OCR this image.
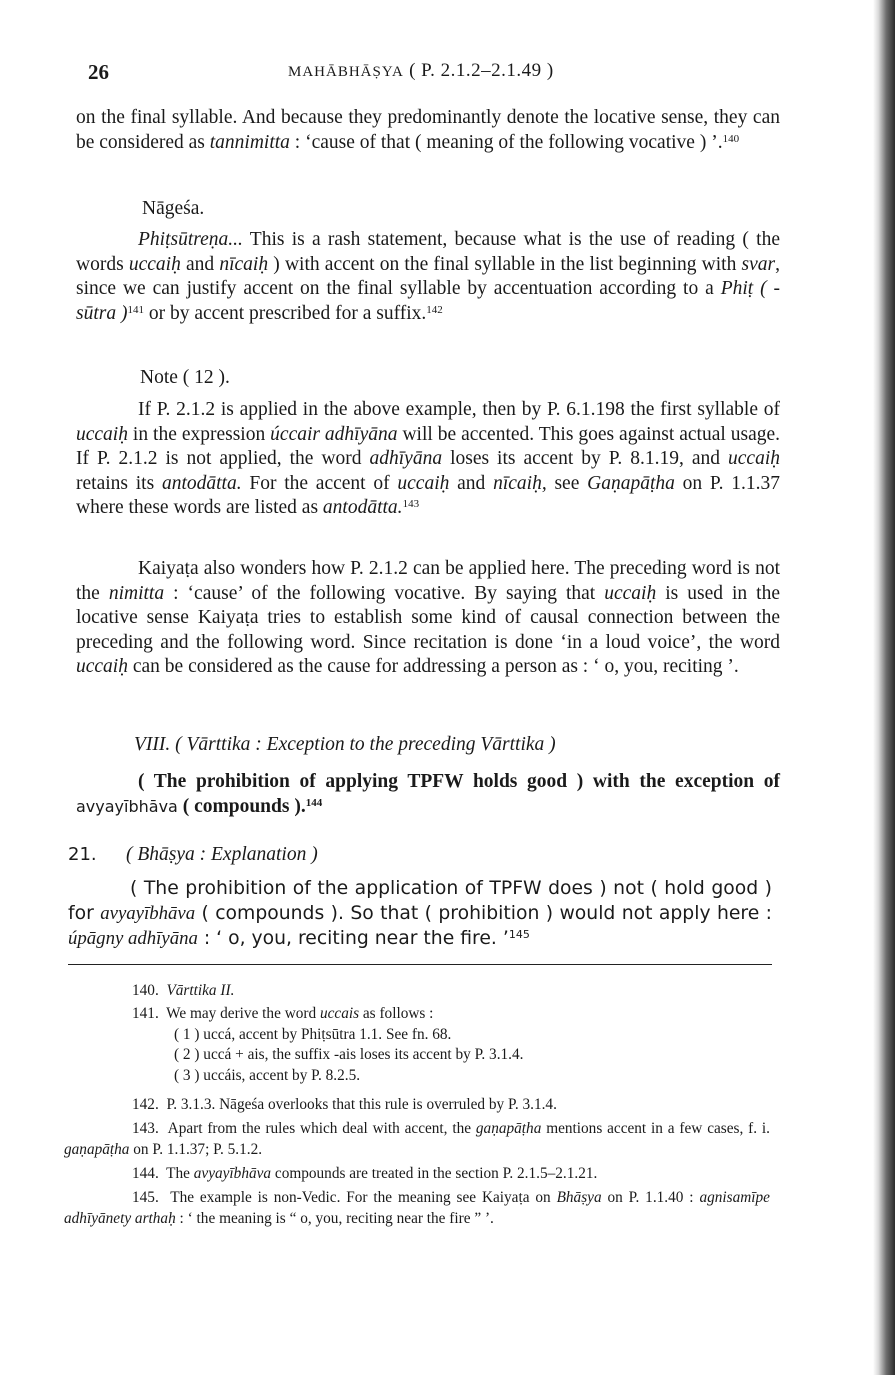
26	MAHĀBHĀṢYA ( P. 2.1.2–2.1.49 )

on the final syllable. And because they predominantly denote the locative sense, they can be considered as tannimitta : ‘cause of that ( meaning of the following vocative ) ’.$^{140}$

Nāgeśa.

Phiṭsūtreṇa... This is a rash statement, because what is the use of reading ( the words uccaiḥ and nīcaiḥ ) with accent on the final syllable in the list beginning with svar, since we can justify accent on the final syllable by accentuation according to a Phiṭ ( -sūtra )$^{141}$ or by accent prescribed for a suffix.$^{142}$

Note ( 12 ).

If P. 2.1.2 is applied in the above example, then by P. 6.1.198 the first syllable of uccaiḥ in the expression úccair adhīyāna will be accented. This goes against actual usage. If P. 2.1.2 is not applied, the word adhīyāna loses its accent by P. 8.1.19, and uccaiḥ retains its antodātta. For the accent of uccaiḥ and nīcaiḥ, see Gaṇapāṭha on P. 1.1.37 where these words are listed as antodātta.$^{143}$

Kaiyaṭa also wonders how P. 2.1.2 can be applied here. The preceding word is not the nimitta : ‘cause’ of the following vocative. By saying that uccaiḥ is used in the locative sense Kaiyaṭa tries to establish some kind of causal connection between the preceding and the following word. Since recitation is done ‘in a loud voice’, the word uccaiḥ can be considered as the cause for addressing a person as : ‘ o, you, reciting ’.

VIII. ( Vārttika : Exception to the preceding Vārttika )

( The prohibition of applying TPFW holds good ) with the exception of avyayībhāva ( compounds ).$^{144}$

21. ( Bhāṣya : Explanation )

( The prohibition of the application of TPFW does ) not ( hold good ) for avyayībhāva ( compounds ). So that ( prohibition ) would not apply here : úpāgny adhīyāna : ‘ o, you, reciting near the fire. ’$^{145}$

140. Vārttika II.

141. We may derive the word uccais as follows :
( 1 ) uccá, accent by Phiṭsūtra 1.1. See fn. 68.
( 2 ) uccá + ais, the suffix -ais loses its accent by P. 3.1.4.
( 3 ) uccáis, accent by P. 8.2.5.

142. P. 3.1.3. Nāgeśa overlooks that this rule is overruled by P. 3.1.4.

143. Apart from the rules which deal with accent, the gaṇapāṭha mentions accent in a few cases, f. i. gaṇapāṭha on P. 1.1.37; P. 5.1.2.

144. The avyayībhāva compounds are treated in the section P. 2.1.5–2.1.21.

145. The example is non-Vedic. For the meaning see Kaiyaṭa on Bhāṣya on P. 1.1.40 : agnisamīpe adhīyānety arthaḥ : ‘ the meaning is “ o, you, reciting near the fire ” ’.
